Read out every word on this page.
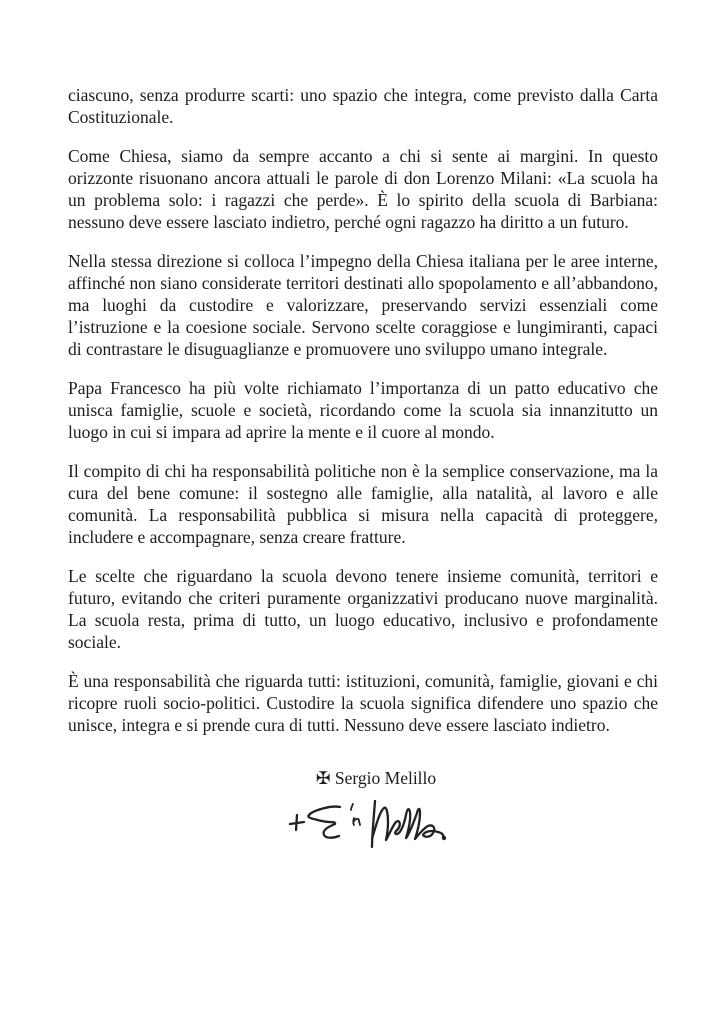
ciascuno, senza produrre scarti: uno spazio che integra, come previsto dalla Carta Costituzionale.

Come Chiesa, siamo da sempre accanto a chi si sente ai margini. In questo orizzonte risuonano ancora attuali le parole di don Lorenzo Milani: «La scuola ha un problema solo: i ragazzi che perde». È lo spirito della scuola di Barbiana: nessuno deve essere lasciato indietro, perché ogni ragazzo ha diritto a un futuro.

Nella stessa direzione si colloca l’impegno della Chiesa italiana per le aree interne, affinché non siano considerate territori destinati allo spopolamento e all’abbandono, ma luoghi da custodire e valorizzare, preservando servizi essenziali come l’istruzione e la coesione sociale. Servono scelte coraggiose e lungimiranti, capaci di contrastare le disuguaglianze e promuovere uno sviluppo umano integrale.

Papa Francesco ha più volte richiamato l’importanza di un patto educativo che unisca famiglie, scuole e società, ricordando come la scuola sia innanzitutto un luogo in cui si impara ad aprire la mente e il cuore al mondo.

Il compito di chi ha responsabilità politiche non è la semplice conservazione, ma la cura del bene comune: il sostegno alle famiglie, alla natalità, al lavoro e alle comunità. La responsabilità pubblica si misura nella capacità di proteggere, includere e accompagnare, senza creare fratture.

Le scelte che riguardano la scuola devono tenere insieme comunità, territori e futuro, evitando che criteri puramente organizzativi producano nuove marginalità. La scuola resta, prima di tutto, un luogo educativo, inclusivo e profondamente sociale.

È una responsabilità che riguarda tutti: istituzioni, comunità, famiglie, giovani e chi ricopre ruoli socio-politici. Custodire la scuola significa difendere uno spazio che unisce, integra e si prende cura di tutti. Nessuno deve essere lasciato indietro.

✠ Sergio Melillo
